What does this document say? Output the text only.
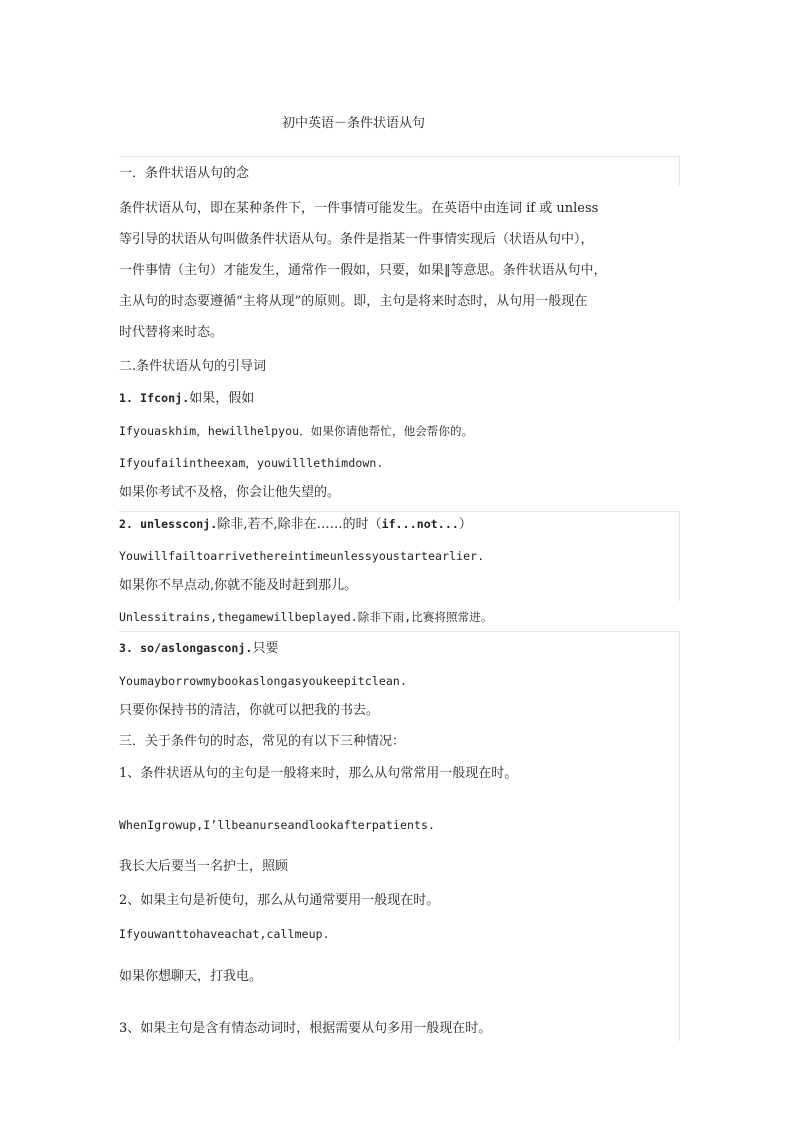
初中英语－条件状语从句
一．条件状语从句的念
条件状语从句，即在某种条件下，一件事情可能发生。在英语中由连词 if 或 unless
等引导的状语从句叫做条件状语从句。条件是指某一件事情实现后（状语从句中），
一件事情（主句）才能发生，通常作一假如，只要，如果‖等意思。条件状语从句中，
主从句的时态要遵循“主将从现”的原则。即，主句是将来时态时，从句用一般现在
时代替将来时态。
二.条件状语从句的引导词
1. Ifconj.如果，假如
Ifyouaskhim，hewillhelpyou．如果你请他帮忙，他会帮你的。
Ifyoufailintheexam，youwilllethimdown.
如果你考试不及格，你会让他失望的。
2. unlessconj.除非,若不,除非在……的时（if...not...）
Youwillfailtoarrivethereintimeunlessyoustartearlier.
如果你不早点动,你就不能及时赶到那儿。
Unlessitrains,thegamewillbeplayed.除非下雨,比赛将照常进。
3. so/aslongasconj.只要
Youmayborrowmybookaslongasyoukeepitclean.
只要你保持书的清洁，你就可以把我的书去。
三．关于条件句的时态，常见的有以下三种情况：
1、条件状语从句的主句是一般将来时，那么从句常常用一般现在时。
WhenIgrowup,I’llbeanurseandlookafterpatients.
我长大后要当一名护士，照顾
2、如果主句是祈使句，那么从句通常要用一般现在时。
Ifyouwanttohaveachat,callmeup.
如果你想聊天，打我电。
3、如果主句是含有情态动词时，根据需要从句多用一般现在时。
